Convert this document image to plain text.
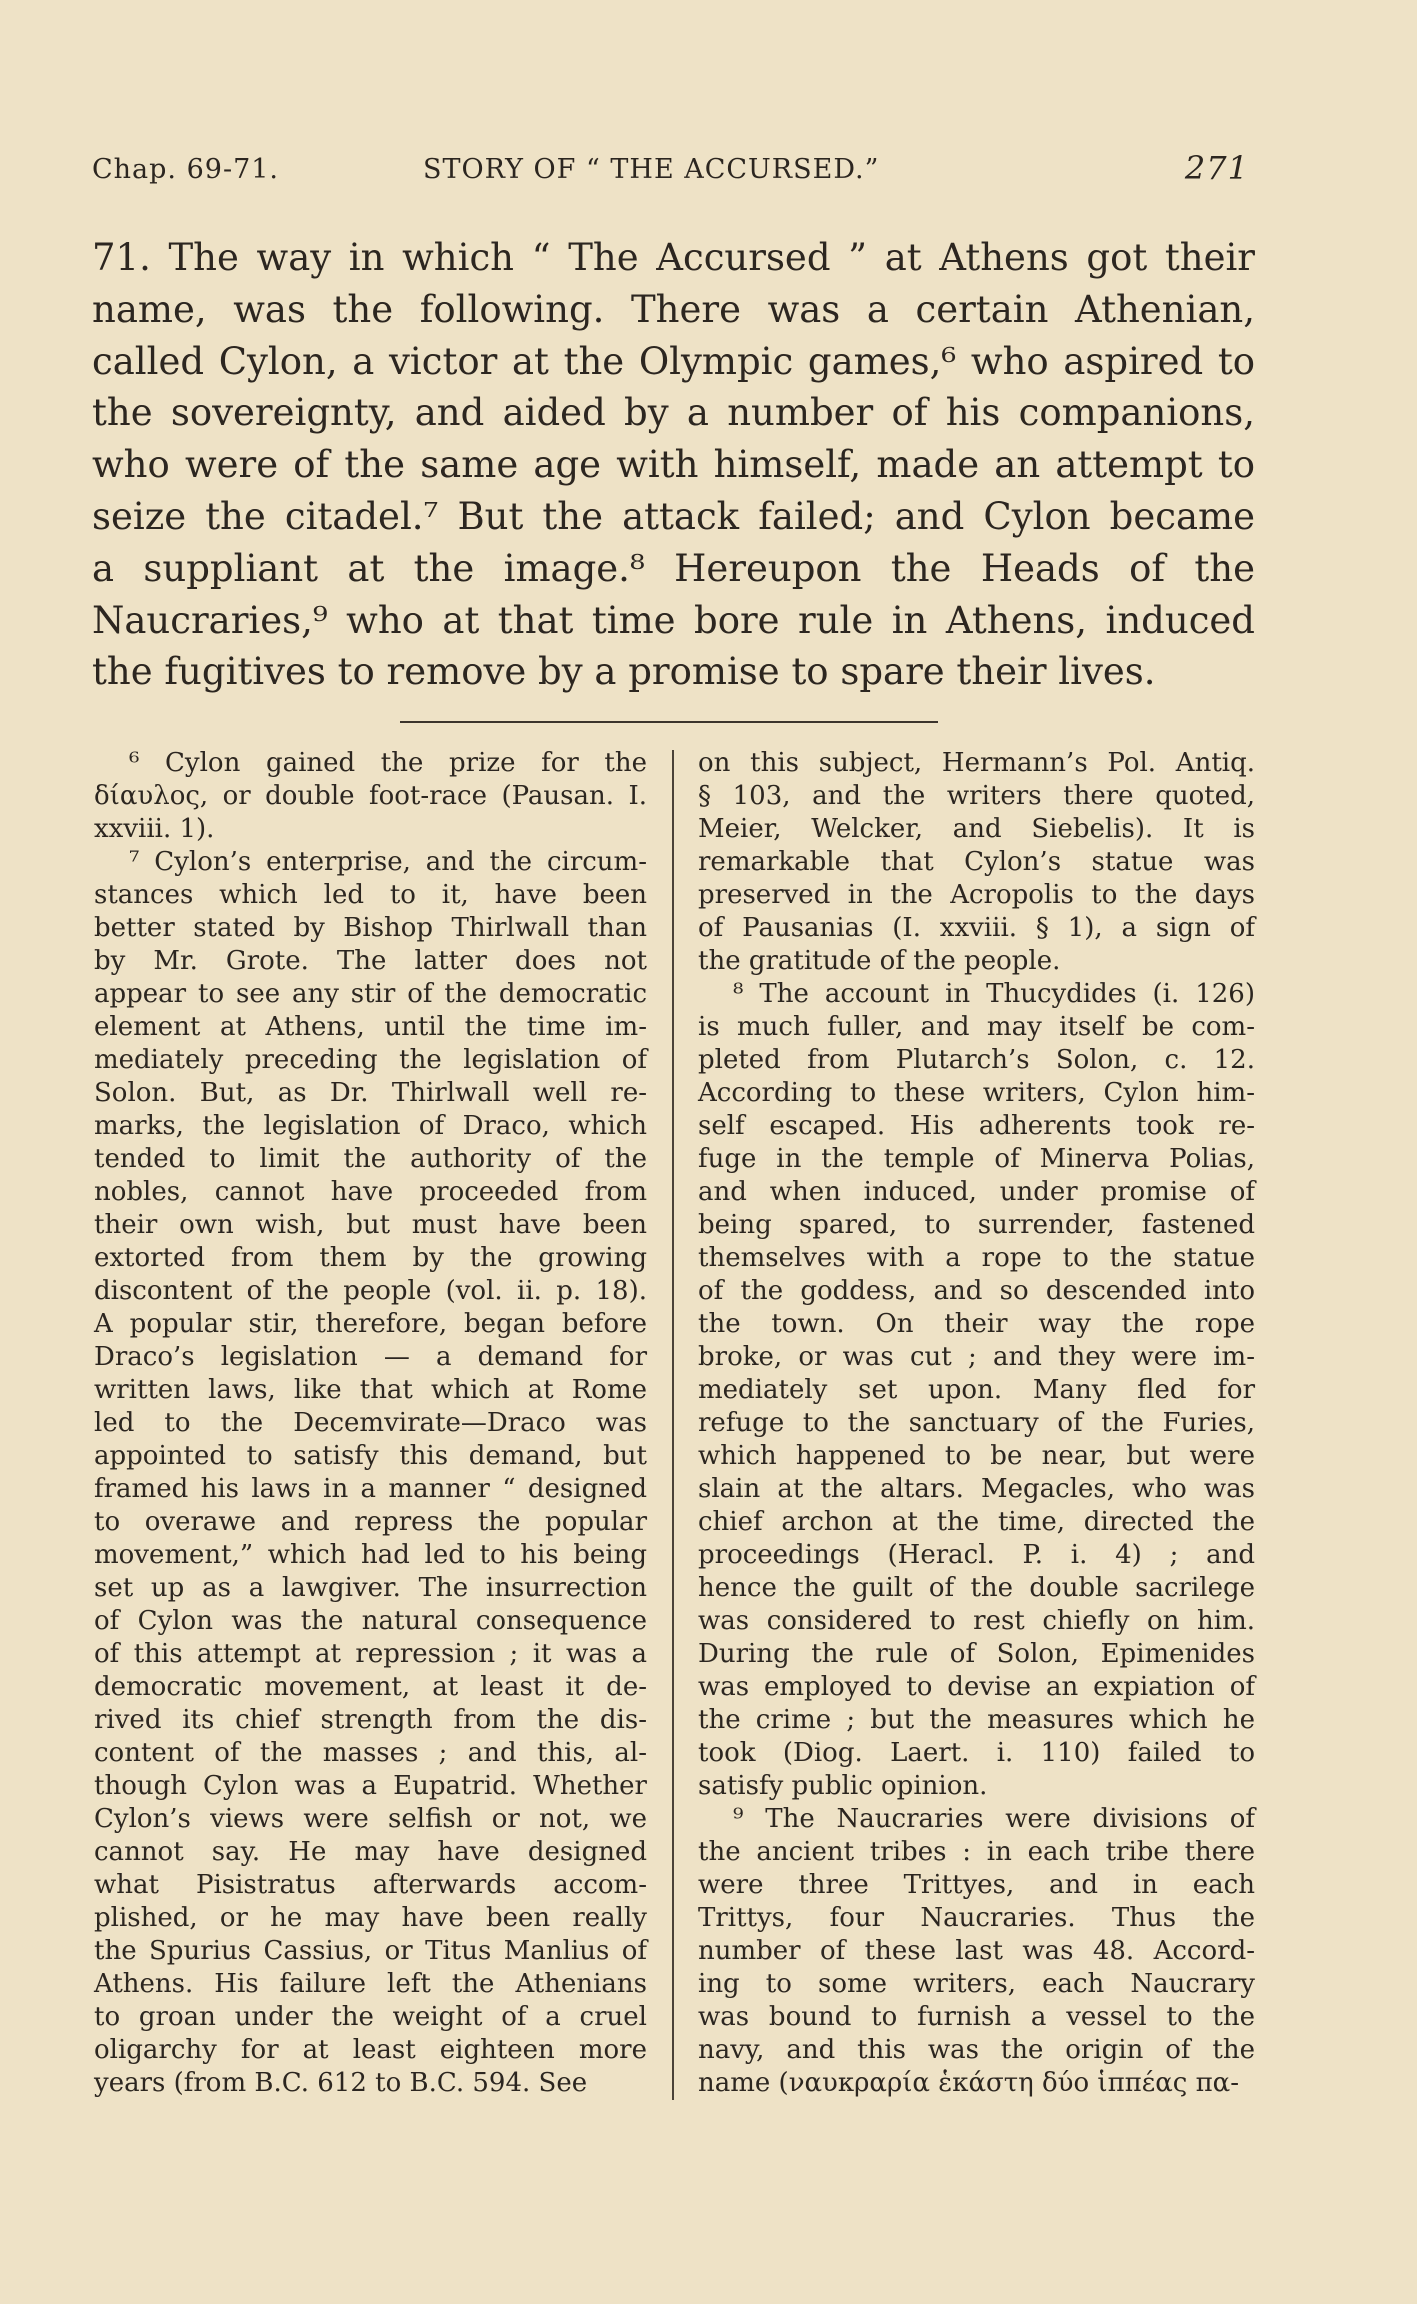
Chap. 69-71.	STORY OF “ THE ACCURSED.”	271
71. The way in which “ The Accursed ” at Athens got their
name, was the following. There was a certain Athenian,
called Cylon, a victor at the Olympic games,⁶ who aspired to
the sovereignty, and aided by a number of his companions,
who were of the same age with himself, made an attempt to
seize the citadel.⁷ But the attack failed; and Cylon became
a suppliant at the image.⁸ Hereupon the Heads of the
Naucraries,⁹ who at that time bore rule in Athens, induced
the fugitives to remove by a promise to spare their lives.
⁶ Cylon gained the prize for the
δίαυλος, or double foot-race (Pausan. I.
xxviii. 1).
⁷ Cylon’s enterprise, and the circum-
stances which led to it, have been
better stated by Bishop Thirlwall than
by Mr. Grote. The latter does not
appear to see any stir of the democratic
element at Athens, until the time im-
mediately preceding the legislation of
Solon. But, as Dr. Thirlwall well re-
marks, the legislation of Draco, which
tended to limit the authority of the
nobles, cannot have proceeded from
their own wish, but must have been
extorted from them by the growing
discontent of the people (vol. ii. p. 18).
A popular stir, therefore, began before
Draco’s legislation — a demand for
written laws, like that which at Rome
led to the Decemvirate—Draco was
appointed to satisfy this demand, but
framed his laws in a manner “ designed
to overawe and repress the popular
movement,” which had led to his being
set up as a lawgiver. The insurrection
of Cylon was the natural consequence
of this attempt at repression ; it was a
democratic movement, at least it de-
rived its chief strength from the dis-
content of the masses ; and this, al-
though Cylon was a Eupatrid. Whether
Cylon’s views were selfish or not, we
cannot say. He may have designed
what Pisistratus afterwards accom-
plished, or he may have been really
the Spurius Cassius, or Titus Manlius of
Athens. His failure left the Athenians
to groan under the weight of a cruel
oligarchy for at least eighteen more
years (from B.C. 612 to B.C. 594. See
on this subject, Hermann’s Pol. Antiq.
§ 103, and the writers there quoted,
Meier, Welcker, and Siebelis). It is
remarkable that Cylon’s statue was
preserved in the Acropolis to the days
of Pausanias (I. xxviii. § 1), a sign of
the gratitude of the people.
⁸ The account in Thucydides (i. 126)
is much fuller, and may itself be com-
pleted from Plutarch’s Solon, c. 12.
According to these writers, Cylon him-
self escaped. His adherents took re-
fuge in the temple of Minerva Polias,
and when induced, under promise of
being spared, to surrender, fastened
themselves with a rope to the statue
of the goddess, and so descended into
the town. On their way the rope
broke, or was cut ; and they were im-
mediately set upon. Many fled for
refuge to the sanctuary of the Furies,
which happened to be near, but were
slain at the altars. Megacles, who was
chief archon at the time, directed the
proceedings (Heracl. P. i. 4) ; and
hence the guilt of the double sacrilege
was considered to rest chiefly on him.
During the rule of Solon, Epimenides
was employed to devise an expiation of
the crime ; but the measures which he
took (Diog. Laert. i. 110) failed to
satisfy public opinion.
⁹ The Naucraries were divisions of
the ancient tribes : in each tribe there
were three Trittyes, and in each
Trittys, four Naucraries. Thus the
number of these last was 48. Accord-
ing to some writers, each Naucrary
was bound to furnish a vessel to the
navy, and this was the origin of the
name (ναυκραρία ἑκάστη δύο ἱππέας πα-
